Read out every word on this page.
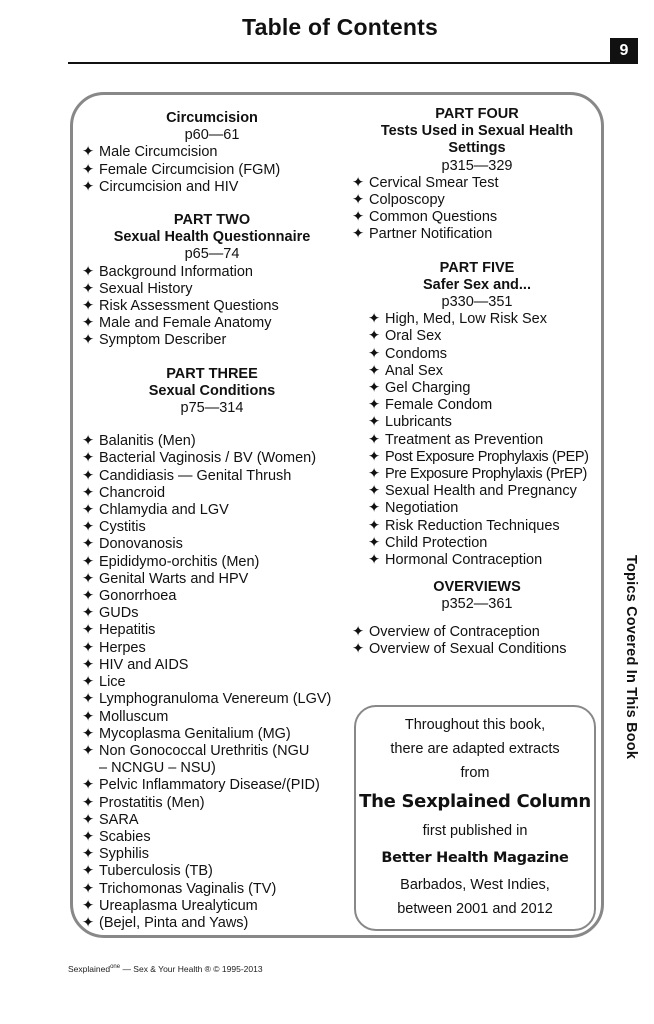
Table of Contents
9
Circumcision
p60—61
✦ Male Circumcision
✦ Female Circumcision (FGM)
✦ Circumcision and HIV
PART TWO
Sexual Health Questionnaire
p65—74
✦ Background Information
✦ Sexual History
✦ Risk Assessment Questions
✦ Male and Female Anatomy
✦ Symptom Describer
PART THREE
Sexual Conditions
p75—314
✦ Balanitis (Men)
✦ Bacterial Vaginosis / BV (Women)
✦ Candidiasis — Genital Thrush
✦ Chancroid
✦ Chlamydia and LGV
✦ Cystitis
✦ Donovanosis
✦ Epididymo-orchitis (Men)
✦ Genital Warts and HPV
✦ Gonorrhoea
✦ GUDs
✦ Hepatitis
✦ Herpes
✦ HIV and AIDS
✦ Lice
✦ Lymphogranuloma Venereum (LGV)
✦ Molluscum
✦ Mycoplasma Genitalium (MG)
✦ Non Gonococcal Urethritis (NGU
– NCNGU – NSU)
✦ Pelvic Inflammatory Disease/(PID)
✦ Prostatitis (Men)
✦ SARA
✦ Scabies
✦ Syphilis
✦ Tuberculosis (TB)
✦ Trichomonas Vaginalis (TV)
✦ Ureaplasma Urealyticum
✦ (Bejel, Pinta and Yaws)
PART FOUR
Tests Used in Sexual Health
Settings
p315—329
✦ Cervical Smear Test
✦ Colposcopy
✦ Common Questions
✦ Partner Notification
PART FIVE
Safer Sex and...
p330—351
✦ High, Med, Low Risk Sex
✦ Oral Sex
✦ Condoms
✦ Anal Sex
✦ Gel Charging
✦ Female Condom
✦ Lubricants
✦ Treatment as Prevention
✦ Post Exposure Prophylaxis (PEP)
✦ Pre Exposure Prophylaxis (PrEP)
✦ Sexual Health and Pregnancy
✦ Negotiation
✦ Risk Reduction Techniques
✦ Child Protection
✦ Hormonal Contraception
OVERVIEWS
p352—361
✦ Overview of Contraception
✦ Overview of Sexual Conditions
Throughout this book,
there are adapted extracts
from
The Sexplained Column
first published in
Better Health Magazine
Barbados, West Indies,
between 2001 and 2012
Topics Covered In This Book
Sexplained$^{one}$ — Sex & Your Health ® © 1995-2013
